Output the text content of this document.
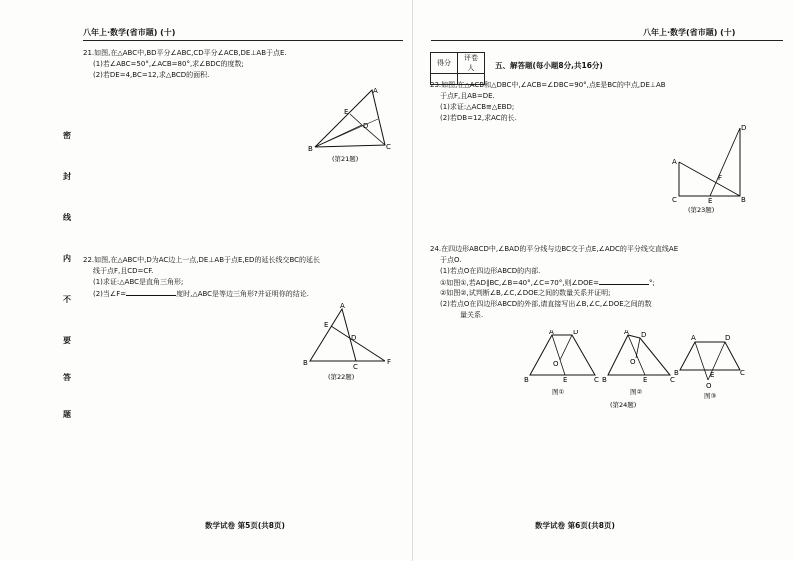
八年上·数学(省市题) (十)
密
封
线
内
不
要
答
题
21.如图,在△ABC中,BD平分∠ABC,CD平分∠ACB,DE⊥AB于点E.
(1)若∠ABC=50°,∠ACB=80°,求∠BDC的度数;
(2)若DE=4,BC=12,求△BCD的面积.
A
B	C
D
E
(第21题)
22.如图,在△ABC中,D为AC边上一点,DE⊥AB于点E,ED的延长线交BC的延长
线于点F,且CD=CF.
(1)求证:△ABC是直角三角形;
(2)当∠F=	度时,△ABC是等边三角形?并证明你的结论.
A
B	C
D
E
F
(第22题)
数学试卷 第5页(共8页)
八年上·数学(省市题) (十)
得分	评卷人
		五、解答题(每小题8分,共16分)
23.如图,在△ACB和△DBC中,∠ACB=∠DBC=90°,点E是BC的中点,DE⊥AB
于点F,且AB=DE.
(1)求证:△ACB≌△EBD;
(2)若DB=12,求AC的长.
A
C	B
D
E
F
(第23题)
24.在四边形ABCD中,∠BAD的平分线与边BC交于点E,∠ADC的平分线交直线AE
于点O.
(1)若点O在四边形ABCD的内部.
①如图①,若AD∥BC,∠B=40°,∠C=70°,则∠DOE=	°;
②如图②,试判断∠B,∠C,∠DOE之间的数量关系并证明;
(2)若点O在四边形ABCD的外部,请直接写出∠B,∠C,∠DOE之间的数
量关系.
A	D
B	E	C
O
图①
A D
B	E	C
O
图②
A	D
B	E	C
O
图③
(第24题)
数学试卷 第6页(共8页)
